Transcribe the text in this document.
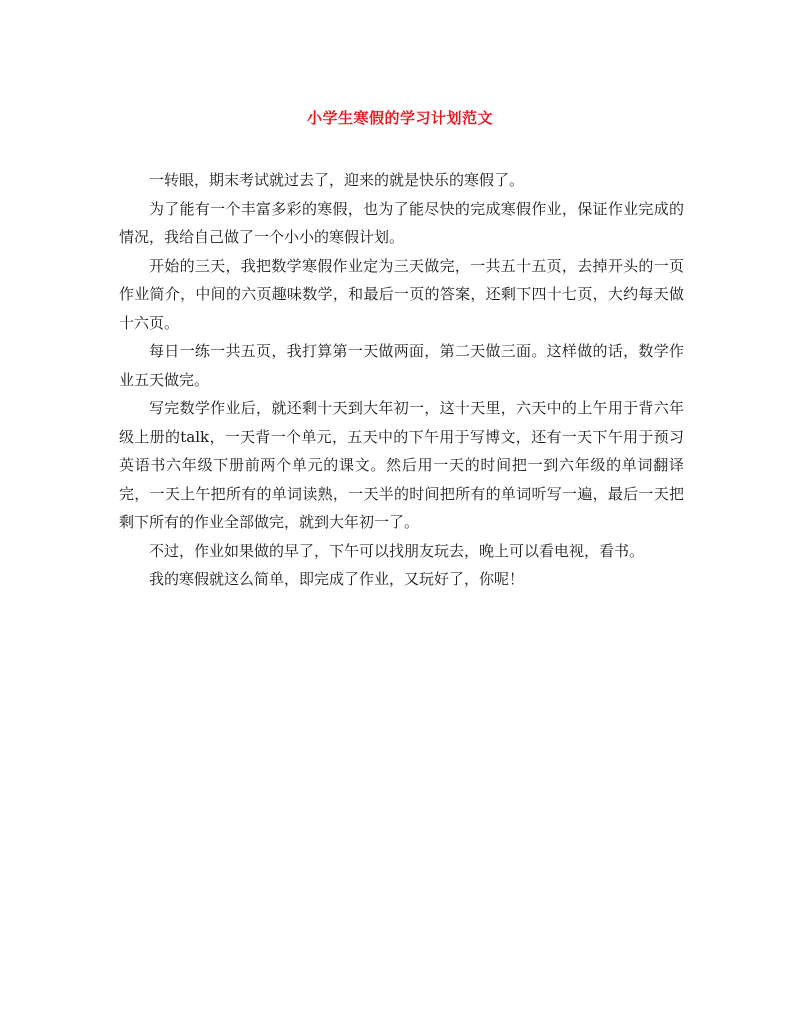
小学生寒假的学习计划范文

一转眼，期末考试就过去了，迎来的就是快乐的寒假了。

为了能有一个丰富多彩的寒假，也为了能尽快的完成寒假作业，保证作业完成的情况，我给自己做了一个小小的寒假计划。

开始的三天，我把数学寒假作业定为三天做完，一共五十五页，去掉开头的一页作业简介，中间的六页趣味数学，和最后一页的答案，还剩下四十七页，大约每天做十六页。

每日一练一共五页，我打算第一天做两面，第二天做三面。这样做的话，数学作业五天做完。

写完数学作业后，就还剩十天到大年初一，这十天里，六天中的上午用于背六年级上册的talk，一天背一个单元，五天中的下午用于写博文，还有一天下午用于预习英语书六年级下册前两个单元的课文。然后用一天的时间把一到六年级的单词翻译完，一天上午把所有的单词读熟，一天半的时间把所有的单词听写一遍，最后一天把剩下所有的作业全部做完，就到大年初一了。

不过，作业如果做的早了，下午可以找朋友玩去，晚上可以看电视，看书。

我的寒假就这么简单，即完成了作业，又玩好了，你呢！
